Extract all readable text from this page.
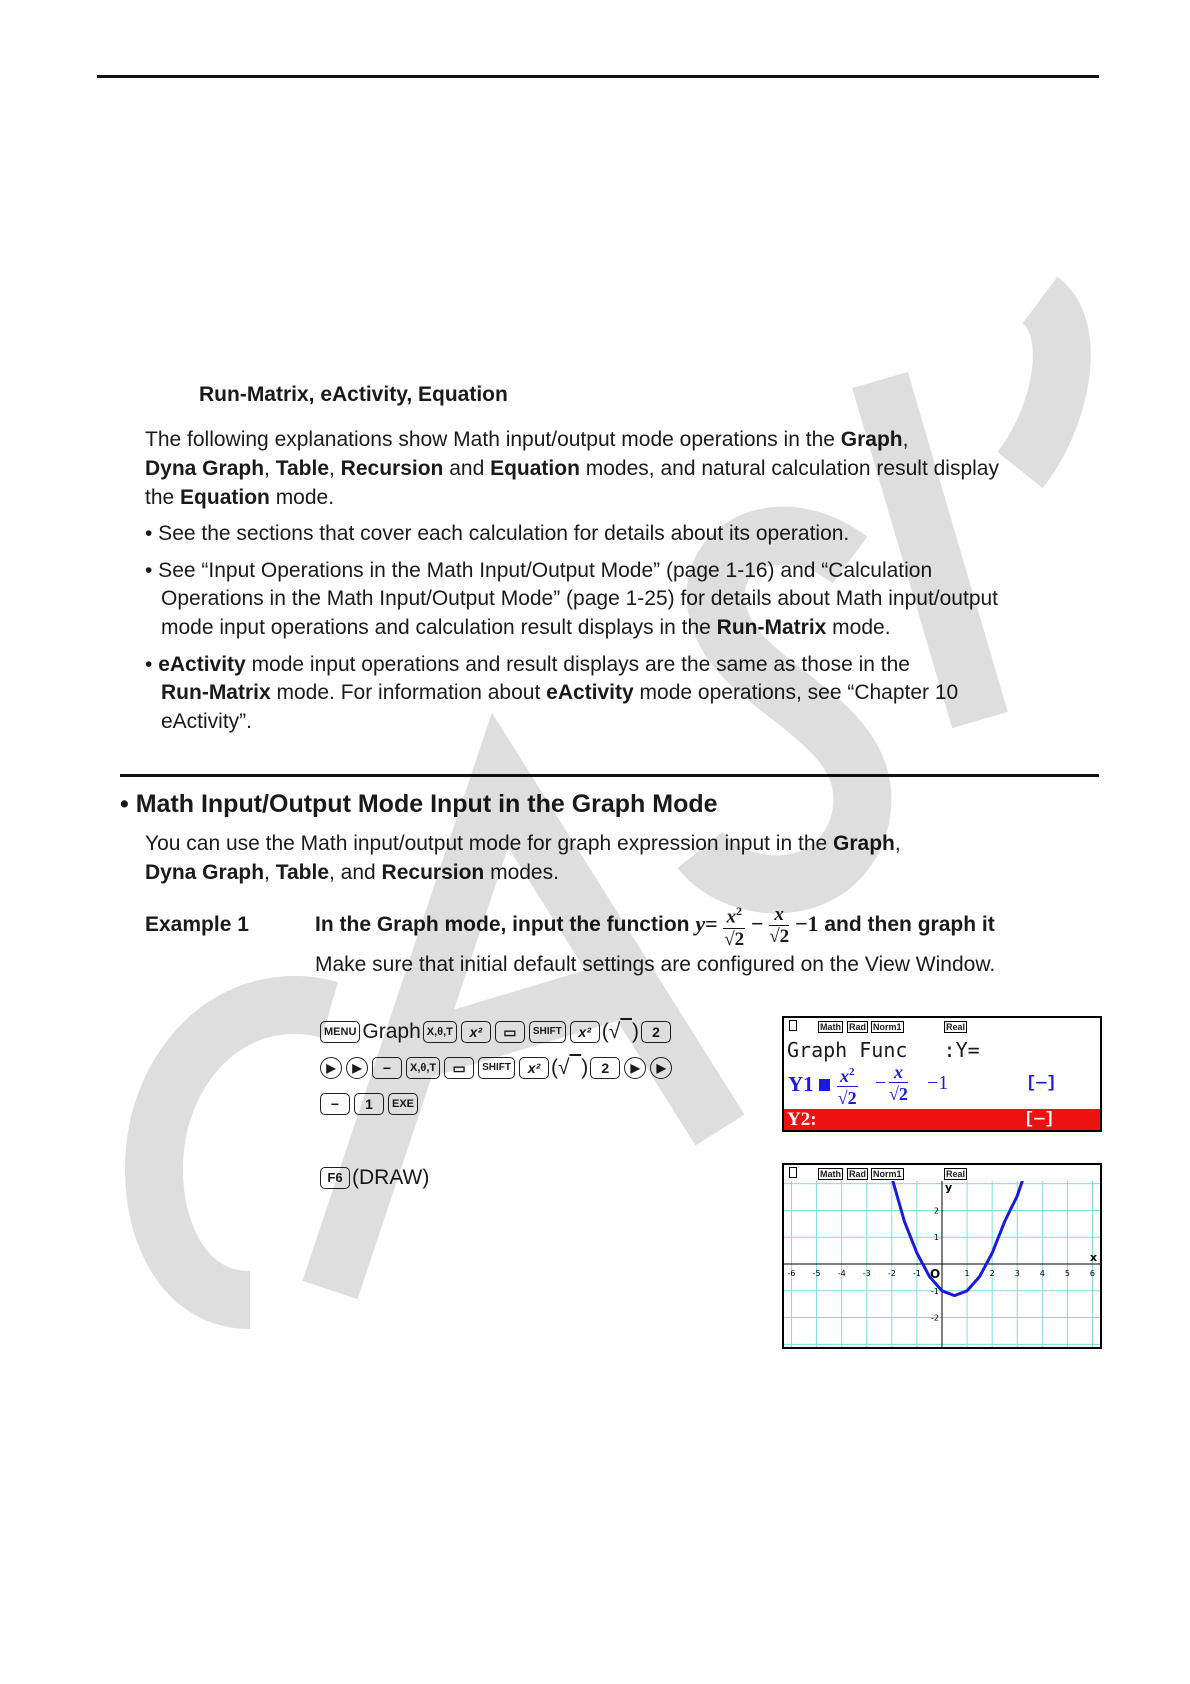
Run-Matrix, eActivity, Equation
The following explanations show Math input/output mode operations in the Graph,
Dyna Graph, Table, Recursion and Equation modes, and natural calculation result display
the Equation mode.
• See the sections that cover each calculation for details about its operation.
• See “Input Operations in the Math Input/Output Mode” (page 1-16) and “Calculation
Operations in the Math Input/Output Mode” (page 1-25) for details about Math input/output
mode input operations and calculation result displays in the Run-Matrix mode.
• eActivity mode input operations and result displays are the same as those in the
Run-Matrix mode. For information about eActivity mode operations, see “Chapter 10
eActivity”.
• Math Input/Output Mode Input in the Graph Mode
You can use the Math input/output mode for graph expression input in the Graph,
Dyna Graph, Table, and Recursion modes.
Example 1	In the Graph mode, input the function $y= \frac{x^2}{√2} - \frac{x}{√2} -1$ and then graph it
Make sure that initial default settings are configured on the View Window.
MENU Graph X,θ,T x² ▭ SHIFT x² (√ ) 2
▶ ▶ − X,θ,T ▭ SHIFT x² (√ ) 2 ▶ ▶
− 1 EXE
F6 (DRAW)
Math Rad Norm1	Real
Graph Func   :Y=
$Y1 \frac{x^2}{√2} - \frac{x}{√2} -1$	[—]
Y2:	[—]
Math Rad Norm1	Real
-6 -5 -4 -3 -2 -1	1 2 3 4 5 6
2
1
-1
-2
y
x
O
